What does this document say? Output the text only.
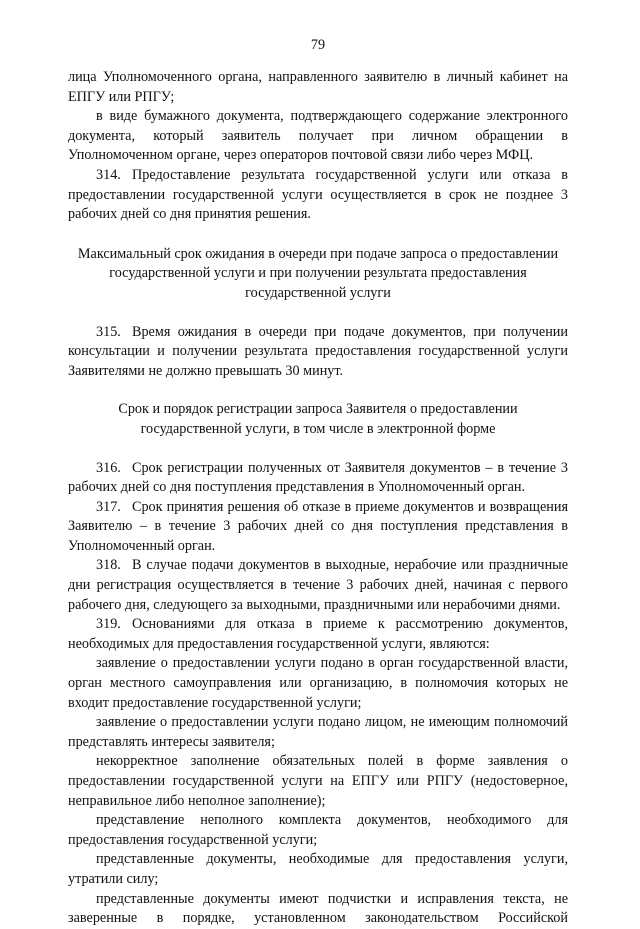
79

лица Уполномоченного органа, направленного заявителю в личный кабинет на ЕПГУ или РПГУ;

в виде бумажного документа, подтверждающего содержание электронного документа, который заявитель получает при личном обращении в Уполномоченном органе, через операторов почтовой связи либо через МФЦ.

314. Предоставление результата государственной услуги или отказа в предоставлении государственной услуги осуществляется в срок не позднее 3 рабочих дней со дня принятия решения.

Максимальный срок ожидания в очереди при подаче запроса о предоставлении государственной услуги и при получении результата предоставления государственной услуги

315. Время ожидания в очереди при подаче документов, при получении консультации и получении результата предоставления государственной услуги Заявителями не должно превышать 30 минут.

Срок и порядок регистрации запроса Заявителя о предоставлении государственной услуги, в том числе в электронной форме

316. Срок регистрации полученных от Заявителя документов – в течение 3 рабочих дней со дня поступления представления в Уполномоченный орган.

317. Срок принятия решения об отказе в приеме документов и возвращения Заявителю – в течение 3 рабочих дней со дня поступления представления в Уполномоченный орган.

318. В случае подачи документов в выходные, нерабочие или праздничные дни регистрация осуществляется в течение 3 рабочих дней, начиная с первого рабочего дня, следующего за выходными, праздничными или нерабочими днями.

319. Основаниями для отказа в приеме к рассмотрению документов, необходимых для предоставления государственной услуги, являются:

заявление о предоставлении услуги подано в орган государственной власти, орган местного самоуправления или организацию, в полномочия которых не входит предоставление государственной услуги;

заявление о предоставлении услуги подано лицом, не имеющим полномочий представлять интересы заявителя;

некорректное заполнение обязательных полей в форме заявления о предоставлении государственной услуги на ЕПГУ или РПГУ (недостоверное, неправильное либо неполное заполнение);

представление неполного комплекта документов, необходимого для предоставления государственной услуги;

представленные документы, необходимые для предоставления услуги, утратили силу;

представленные документы имеют подчистки и исправления текста, не заверенные в порядке, установленном законодательством Российской
